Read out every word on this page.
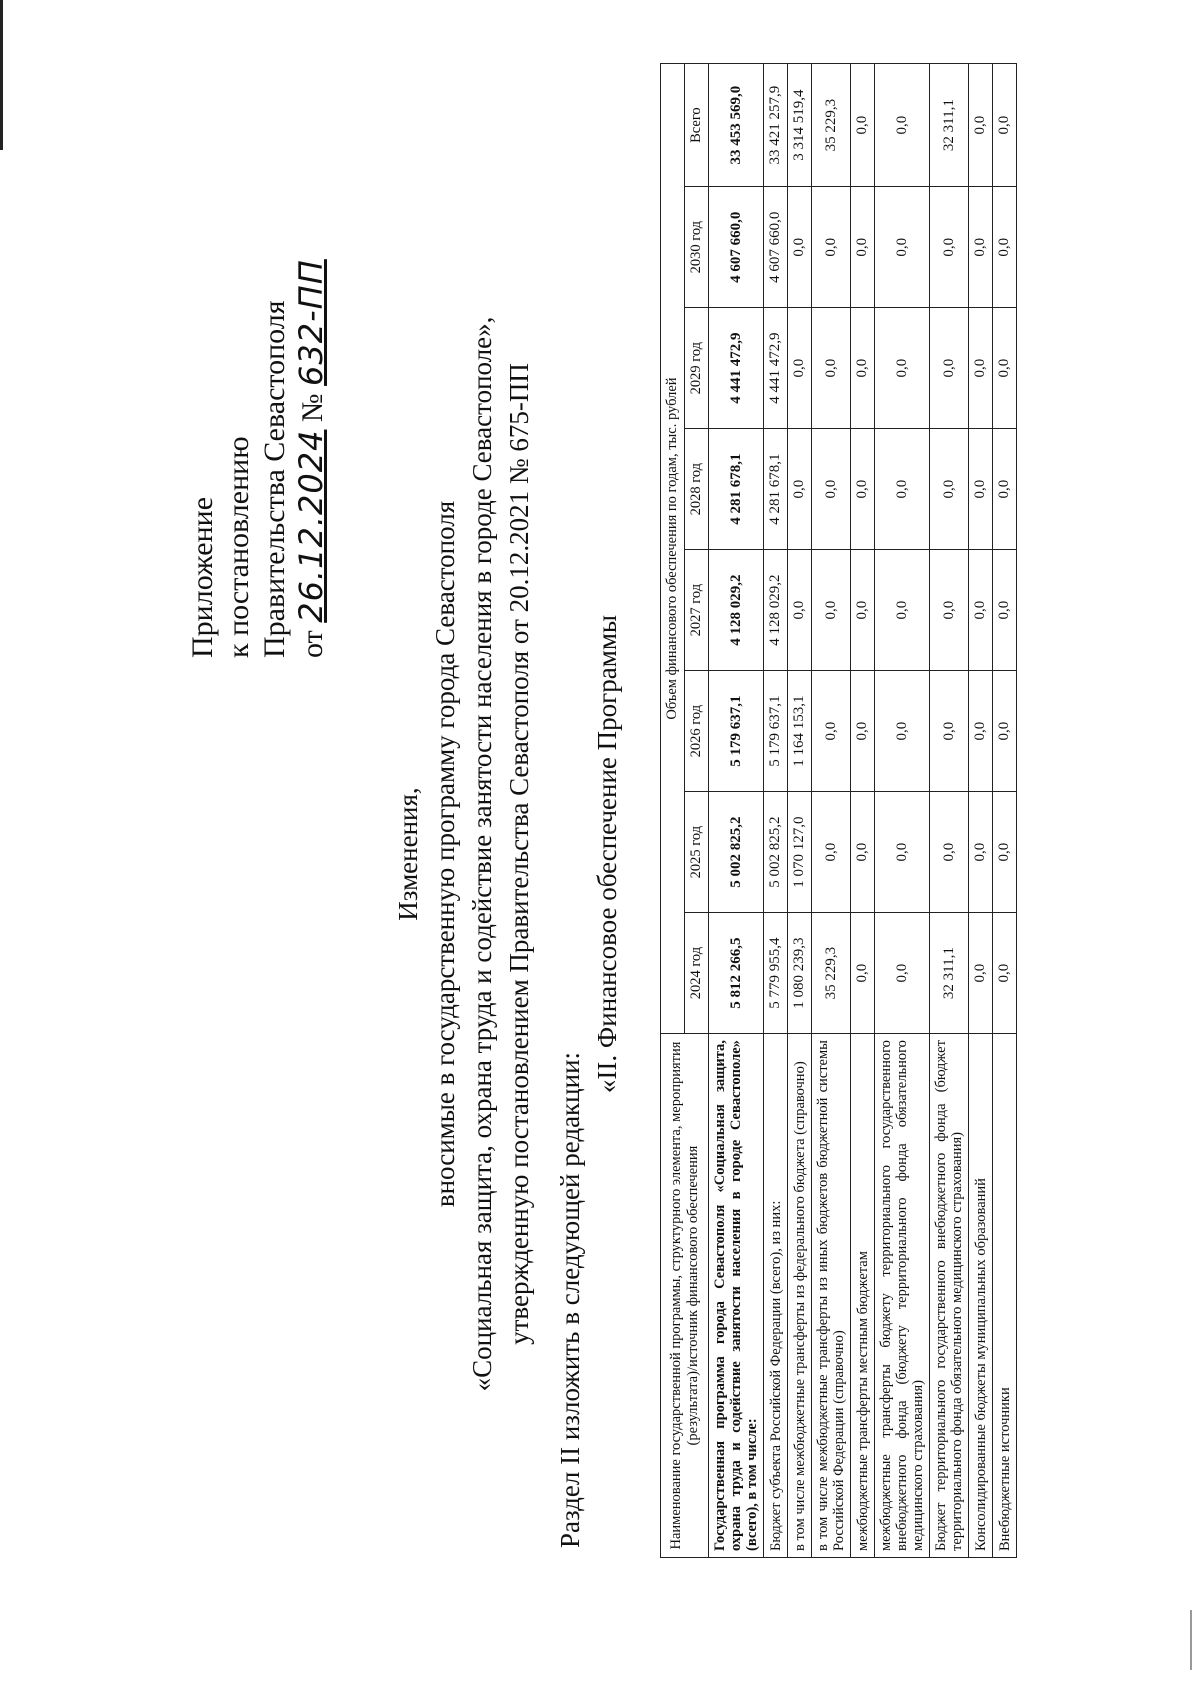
Приложение к постановлению Правительства Севастополя от 26.12.2024 № 632-ПП
Изменения, вносимые в государственную программу города Севастополя «Социальная защита, охрана труда и содействие занятости населения в городе Севастополе», утвержденную постановлением Правительства Севастополя от 20.12.2021 № 675-ПП Раздел II изложить в следующей редакции:
«II. Финансовое обеспечение Программы
Наименование государственной программы, структурного элемента, мероприятия (результата)/источник финансового обеспечения	Объем финансового обеспечения по годам, тыс. рублей							
	2024 год	2025 год	2026 год	2027 год	2028 год	2029 год	2030 год	Всего
Государственная программа города Севастополя «Социальная защита, охрана труда и содействие занятости населения в городе Севастополе» (всего), в том числе:	5 812 266,5	5 002 825,2	5 179 637,1	4 128 029,2	4 281 678,1	4 441 472,9	4 607 660,0	33 453 569,0
Бюджет субъекта Российской Федерации (всего), из них:	5 779 955,4	5 002 825,2	5 179 637,1	4 128 029,2	4 281 678,1	4 441 472,9	4 607 660,0	33 421 257,9
в том числе межбюджетные трансферты из федерального бюджета (справочно)	1 080 239,3	1 070 127,0	1 164 153,1	0,0	0,0	0,0	0,0	3 314 519,4
в том числе межбюджетные трансферты из иных бюджетов бюджетной системы Российской Федерации (справочно)	35 229,3	0,0	0,0	0,0	0,0	0,0	0,0	35 229,3
межбюджетные трансферты местным бюджетам	0,0	0,0	0,0	0,0	0,0	0,0	0,0	0,0
межбюджетные трансферты бюджету территориального государственного внебюджетного фонда (бюджету территориального фонда обязательного медицинского страхования)	0,0	0,0	0,0	0,0	0,0	0,0	0,0	0,0
Бюджет территориального государственного внебюджетного фонда (бюджет территориального фонда обязательного медицинского страхования)	32 311,1	0,0	0,0	0,0	0,0	0,0	0,0	32 311,1
Консолидированные бюджеты муниципальных образований	0,0	0,0	0,0	0,0	0,0	0,0	0,0	0,0
Внебюджетные источники	0,0	0,0	0,0	0,0	0,0	0,0	0,0	0,0
